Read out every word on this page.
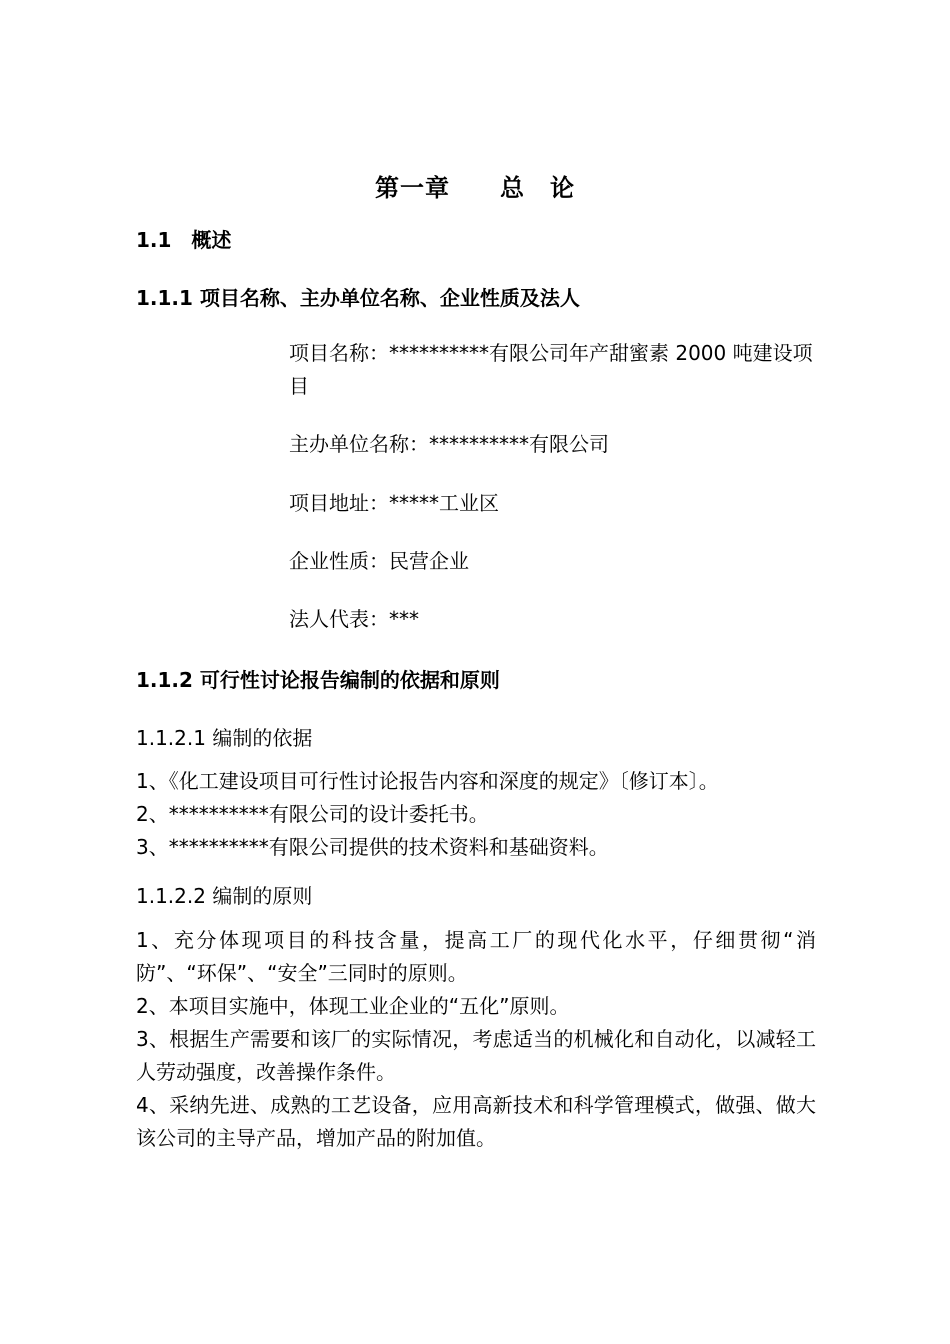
第一章　　总　论
1.1　概述
1.1.1 项目名称、主办单位名称、企业性质及法人

项目名称：**********有限公司年产甜蜜素 2000 吨建设项目

主办单位名称：**********有限公司

项目地址：*****工业区

企业性质：民营企业

法人代表：***

1.1.2 可行性讨论报告编制的依据和原则
1.1.2.1 编制的依据

1、《化工建设项目可行性讨论报告内容和深度的规定》〔修订本〕。

2、**********有限公司的设计委托书。

3、**********有限公司提供的技术资料和基础资料。

1.1.2.2 编制的原则

1、充分体现项目的科技含量，提高工厂的现代化水平，仔细贯彻“消防”、“环保”、“安全”三同时的原则。

2、本项目实施中，体现工业企业的“五化”原则。

3、根据生产需要和该厂的实际情况，考虑适当的机械化和自动化，以减轻工人劳动强度，改善操作条件。

4、采纳先进、成熟的工艺设备，应用高新技术和科学管理模式，做强、做大该公司的主导产品，增加产品的附加值。
